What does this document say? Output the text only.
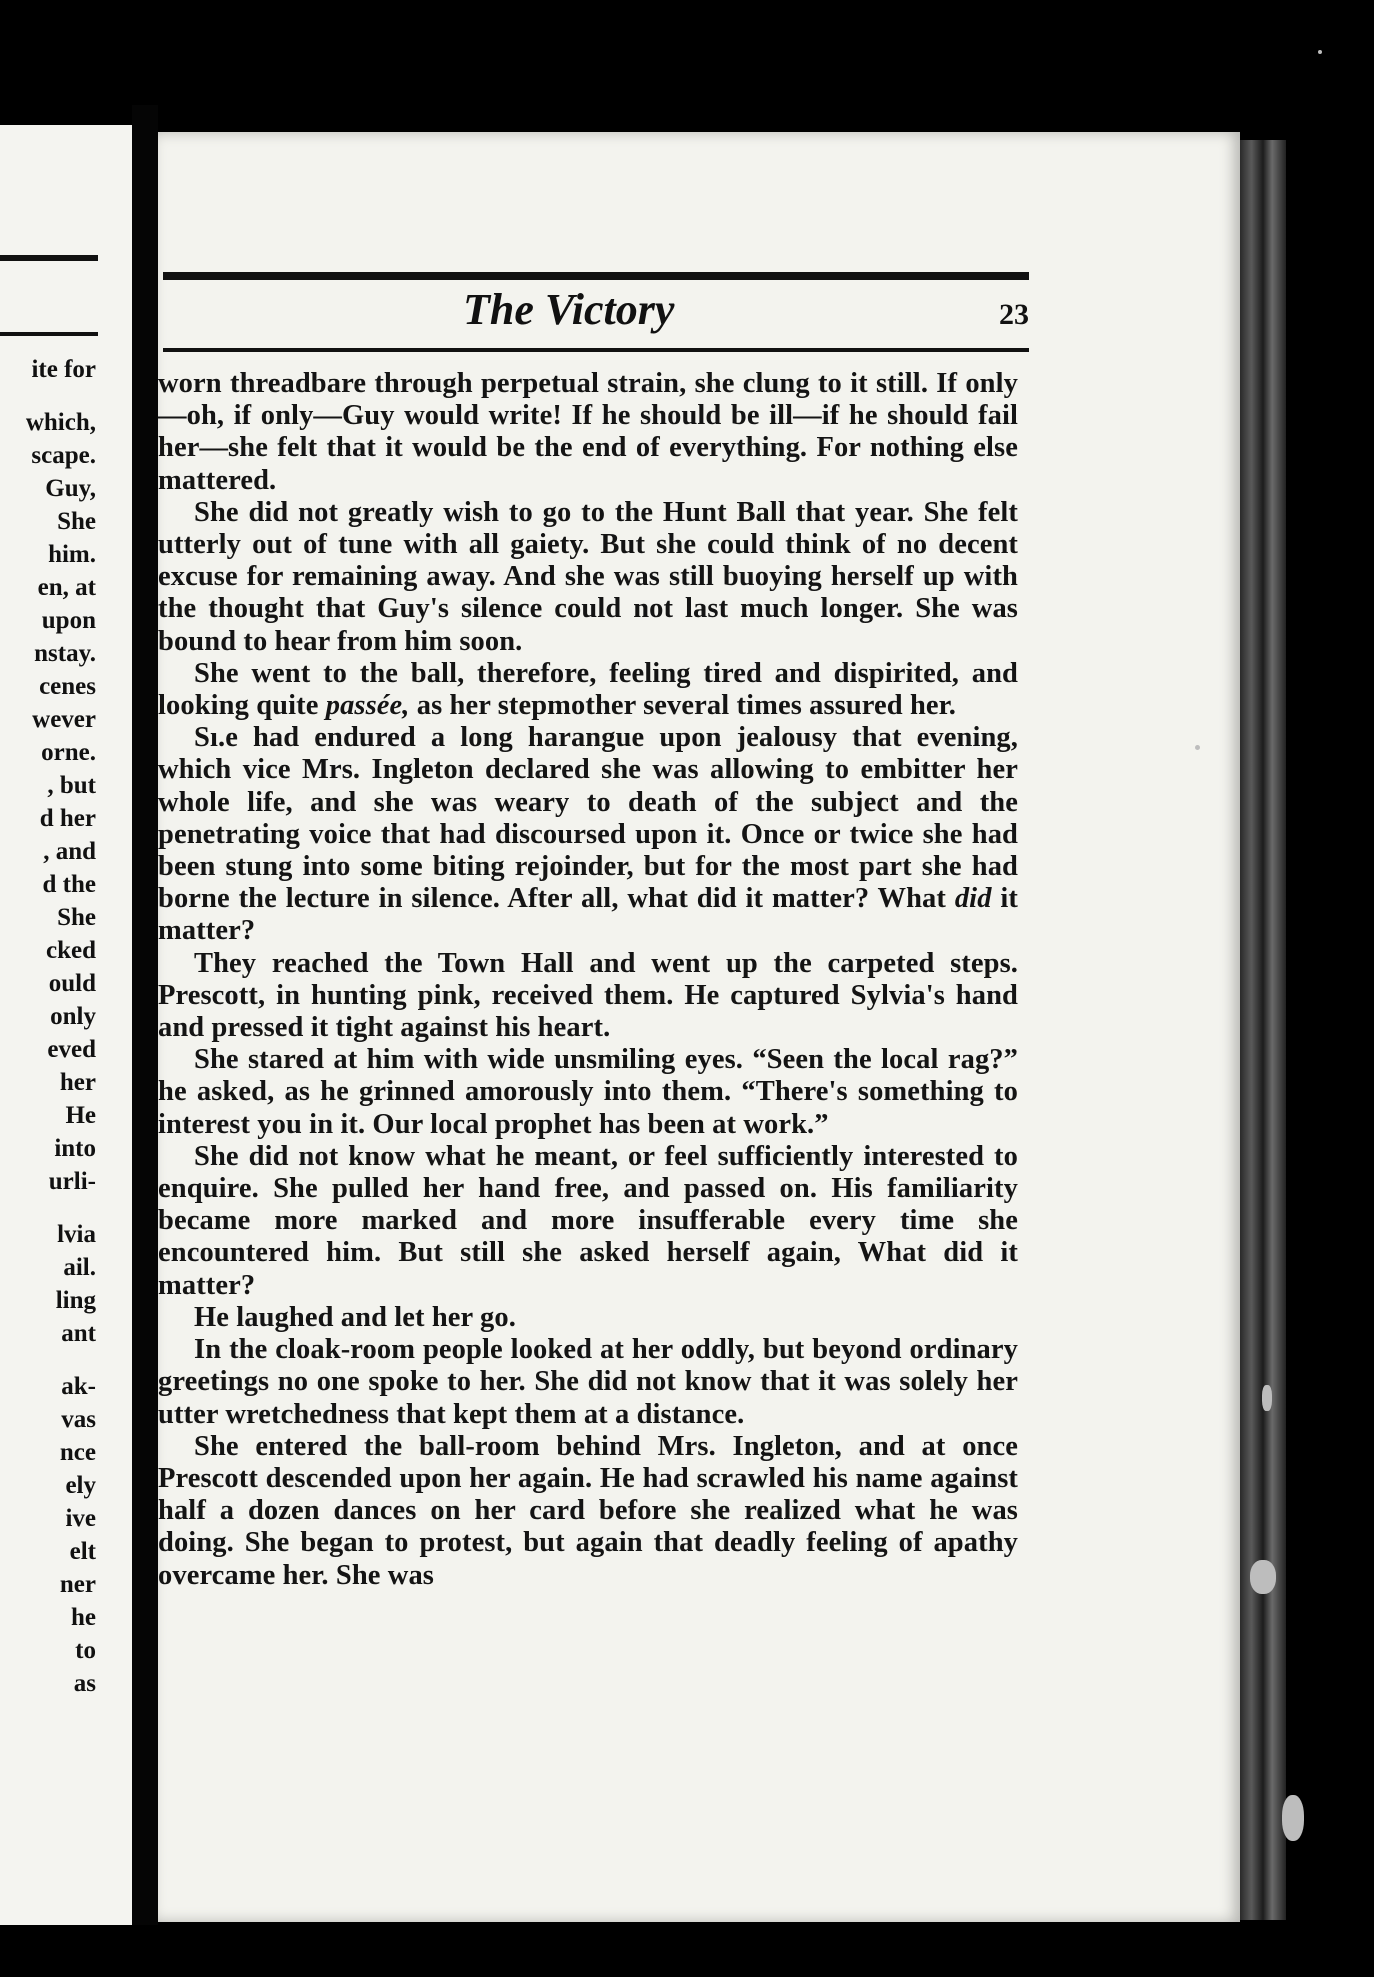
ite for
which,
scape.
Guy,
She
him.
en, at
upon
nstay.
cenes
wever
orne.
, but
d her
, and
d the
She
cked
ould
only
eved
her
He
into
urli-
lvia
ail.
ling
ant
ak-
vas
nce
ely
ive
elt
ner
he
to
as
The Victory	23

worn threadbare through perpetual strain, she clung to it still. If only—oh, if only—Guy would write! If he should be ill—if he should fail her—she felt that it would be the end of everything. For nothing else mattered.

She did not greatly wish to go to the Hunt Ball that year. She felt utterly out of tune with all gaiety. But she could think of no decent excuse for remaining away. And she was still buoying herself up with the thought that Guy's silence could not last much longer. She was bound to hear from him soon.

She went to the ball, therefore, feeling tired and dispirited, and looking quite passée, as her stepmother several times assured her.

Sı.e had endured a long harangue upon jealousy that evening, which vice Mrs. Ingleton declared she was allowing to embitter her whole life, and she was weary to death of the subject and the penetrating voice that had discoursed upon it. Once or twice she had been stung into some biting rejoinder, but for the most part she had borne the lecture in silence. After all, what did it matter? What did it matter?

They reached the Town Hall and went up the carpeted steps. Prescott, in hunting pink, received them. He captured Sylvia's hand and pressed it tight against his heart.

She stared at him with wide unsmiling eyes. “Seen the local rag?” he asked, as he grinned amorously into them. “There's something to interest you in it. Our local prophet has been at work.”

She did not know what he meant, or feel sufficiently interested to enquire. She pulled her hand free, and passed on. His familiarity became more marked and more insufferable every time she encountered him. But still she asked herself again, What did it matter?

He laughed and let her go.

In the cloak-room people looked at her oddly, but beyond ordinary greetings no one spoke to her. She did not know that it was solely her utter wretchedness that kept them at a distance.

She entered the ball-room behind Mrs. Ingleton, and at once Prescott descended upon her again. He had scrawled his name against half a dozen dances on her card before she realized what he was doing. She began to protest, but again that deadly feeling of apathy overcame her. She was
